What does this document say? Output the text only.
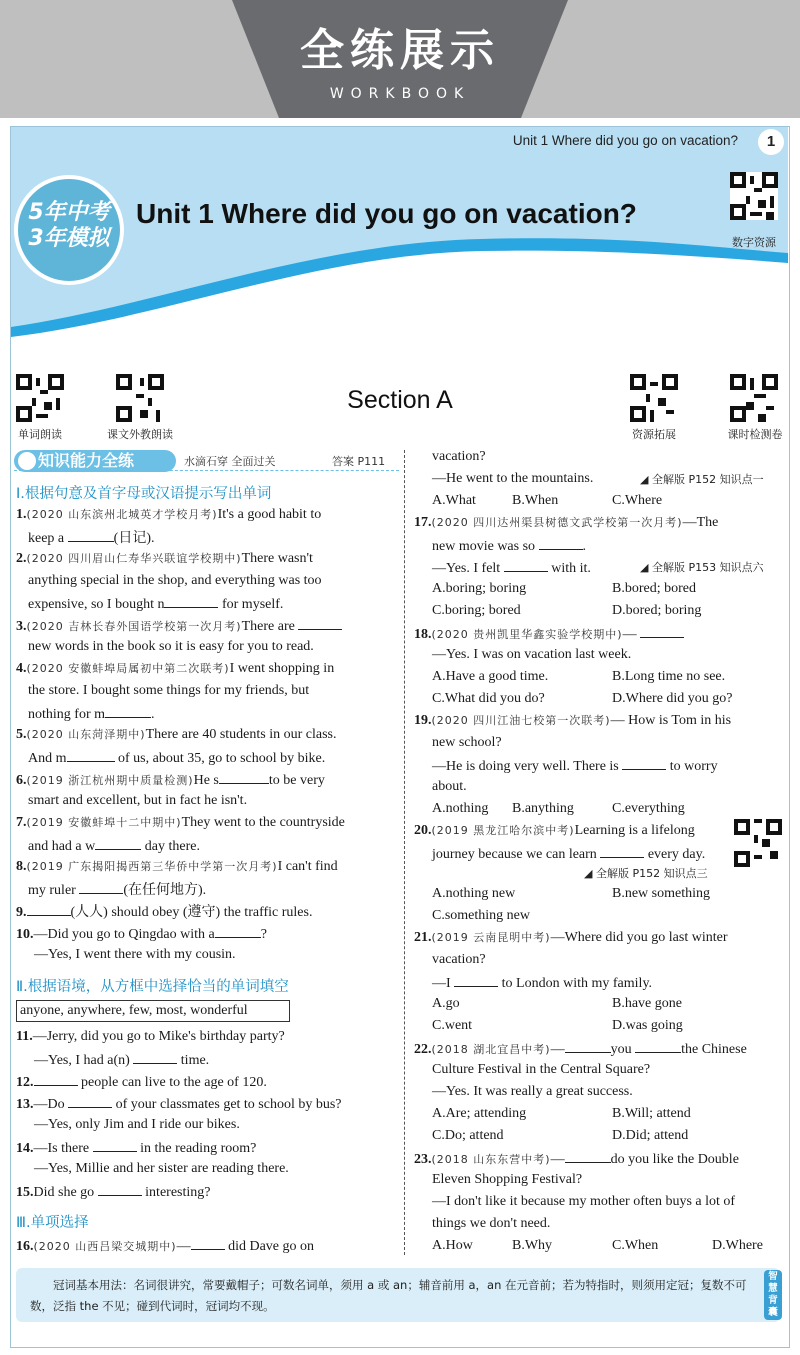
全练展示
WORKBOOK
Unit 1 Where did you go on vacation?	1
5年中考
3年模拟
Unit 1 Where did you go on vacation?
数字资源
单词朗读	课文外教朗读	资源拓展	课时检测卷
Section A
知识能力全练	水滴石穿 全面过关	答案 P111
Ⅰ.根据句意及首字母或汉语提示写出单词
1.(2020 山东滨州北城英才学校月考)It's a good habit to
keep a	(日记).
2.(2020 四川眉山仁寿华兴联谊学校期中)There wasn't
anything special in the shop, and everything was too
expensive, so I bought n	for myself.
3.(2020 吉林长春外国语学校第一次月考)There are
new words in the book so it is easy for you to read.
4.(2020 安徽蚌埠局属初中第二次联考)I went shopping in
the store. I bought some things for my friends, but
nothing for m	.
5.(2020 山东菏泽期中)There are 40 students in our class.
And m	of us, about 35, go to school by bike.
6.(2019 浙江杭州期中质量检测)He s	to be very
smart and excellent, but in fact he isn't.
7.(2019 安徽蚌埠十二中期中)They went to the countryside
and had a w	day there.
8.(2019 广东揭阳揭西第三华侨中学第一次月考)I can't find
my ruler	(在任何地方).
9.	(人人) should obey (遵守) the traffic rules.
10.—Did you go to Qingdao with a	?
—Yes, I went there with my cousin.
Ⅱ.根据语境，从方框中选择恰当的单词填空
anyone, anywhere, few, most, wonderful
11.—Jerry, did you go to Mike's birthday party?
—Yes, I had a(n)	time.
12.	people can live to the age of 120.
13.—Do	of your classmates get to school by bus?
—Yes, only Jim and I ride our bikes.
14.—Is there	in the reading room?
—Yes, Millie and her sister are reading there.
15.Did she go	interesting?
Ⅲ.单项选择
16.(2020 山西吕梁交城期中)—	did Dave go on
vacation?
—He went to the mountains.	◢ 全解版 P152 知识点一
A.What	B.When	C.Where
17.(2020 四川达州渠县树德文武学校第一次月考)—The
new movie was so	.
—Yes. I felt	with it.	◢ 全解版 P153 知识点六
A.boring; boring	B.bored; bored
C.boring; bored	D.bored; boring
18.(2020 贵州凯里华鑫实验学校期中)—
—Yes. I was on vacation last week.
A.Have a good time.	B.Long time no see.
C.What did you do?	D.Where did you go?
19.(2020 四川江油七校第一次联考)— How is Tom in his
new school?
—He is doing very well. There is	to worry
about.
A.nothing B.anything	C.everything
20.(2019 黑龙江哈尔滨中考)Learning is a lifelong
journey because we can learn	every day.
◢ 全解版 P152 知识点三
A.nothing new	B.new something
C.something new
21.(2019 云南昆明中考)—Where did you go last winter
vacation?
—I	to London with my family.
A.go	B.have gone
C.went	D.was going
22.(2018 湖北宜昌中考)—	you	the Chinese
Culture Festival in the Central Square?
—Yes. It was really a great success.
A.Are; attending	B.Will; attend
C.Do; attend	D.Did; attend
23.(2018 山东东营中考)—	do you like the Double
Eleven Shopping Festival?
—I don't like it because my mother often buys a lot of
things we don't need.
A.How	B.Why	C.When	D.Where
冠词基本用法：名词很讲究，常要戴帽子；可数名词单，须用 a 或 an；辅音前用 a，an 在元音前；若为特指时，则须用定冠；复数不可数，泛指 the 不见；碰到代词时，冠词均不现。
智慧背囊
